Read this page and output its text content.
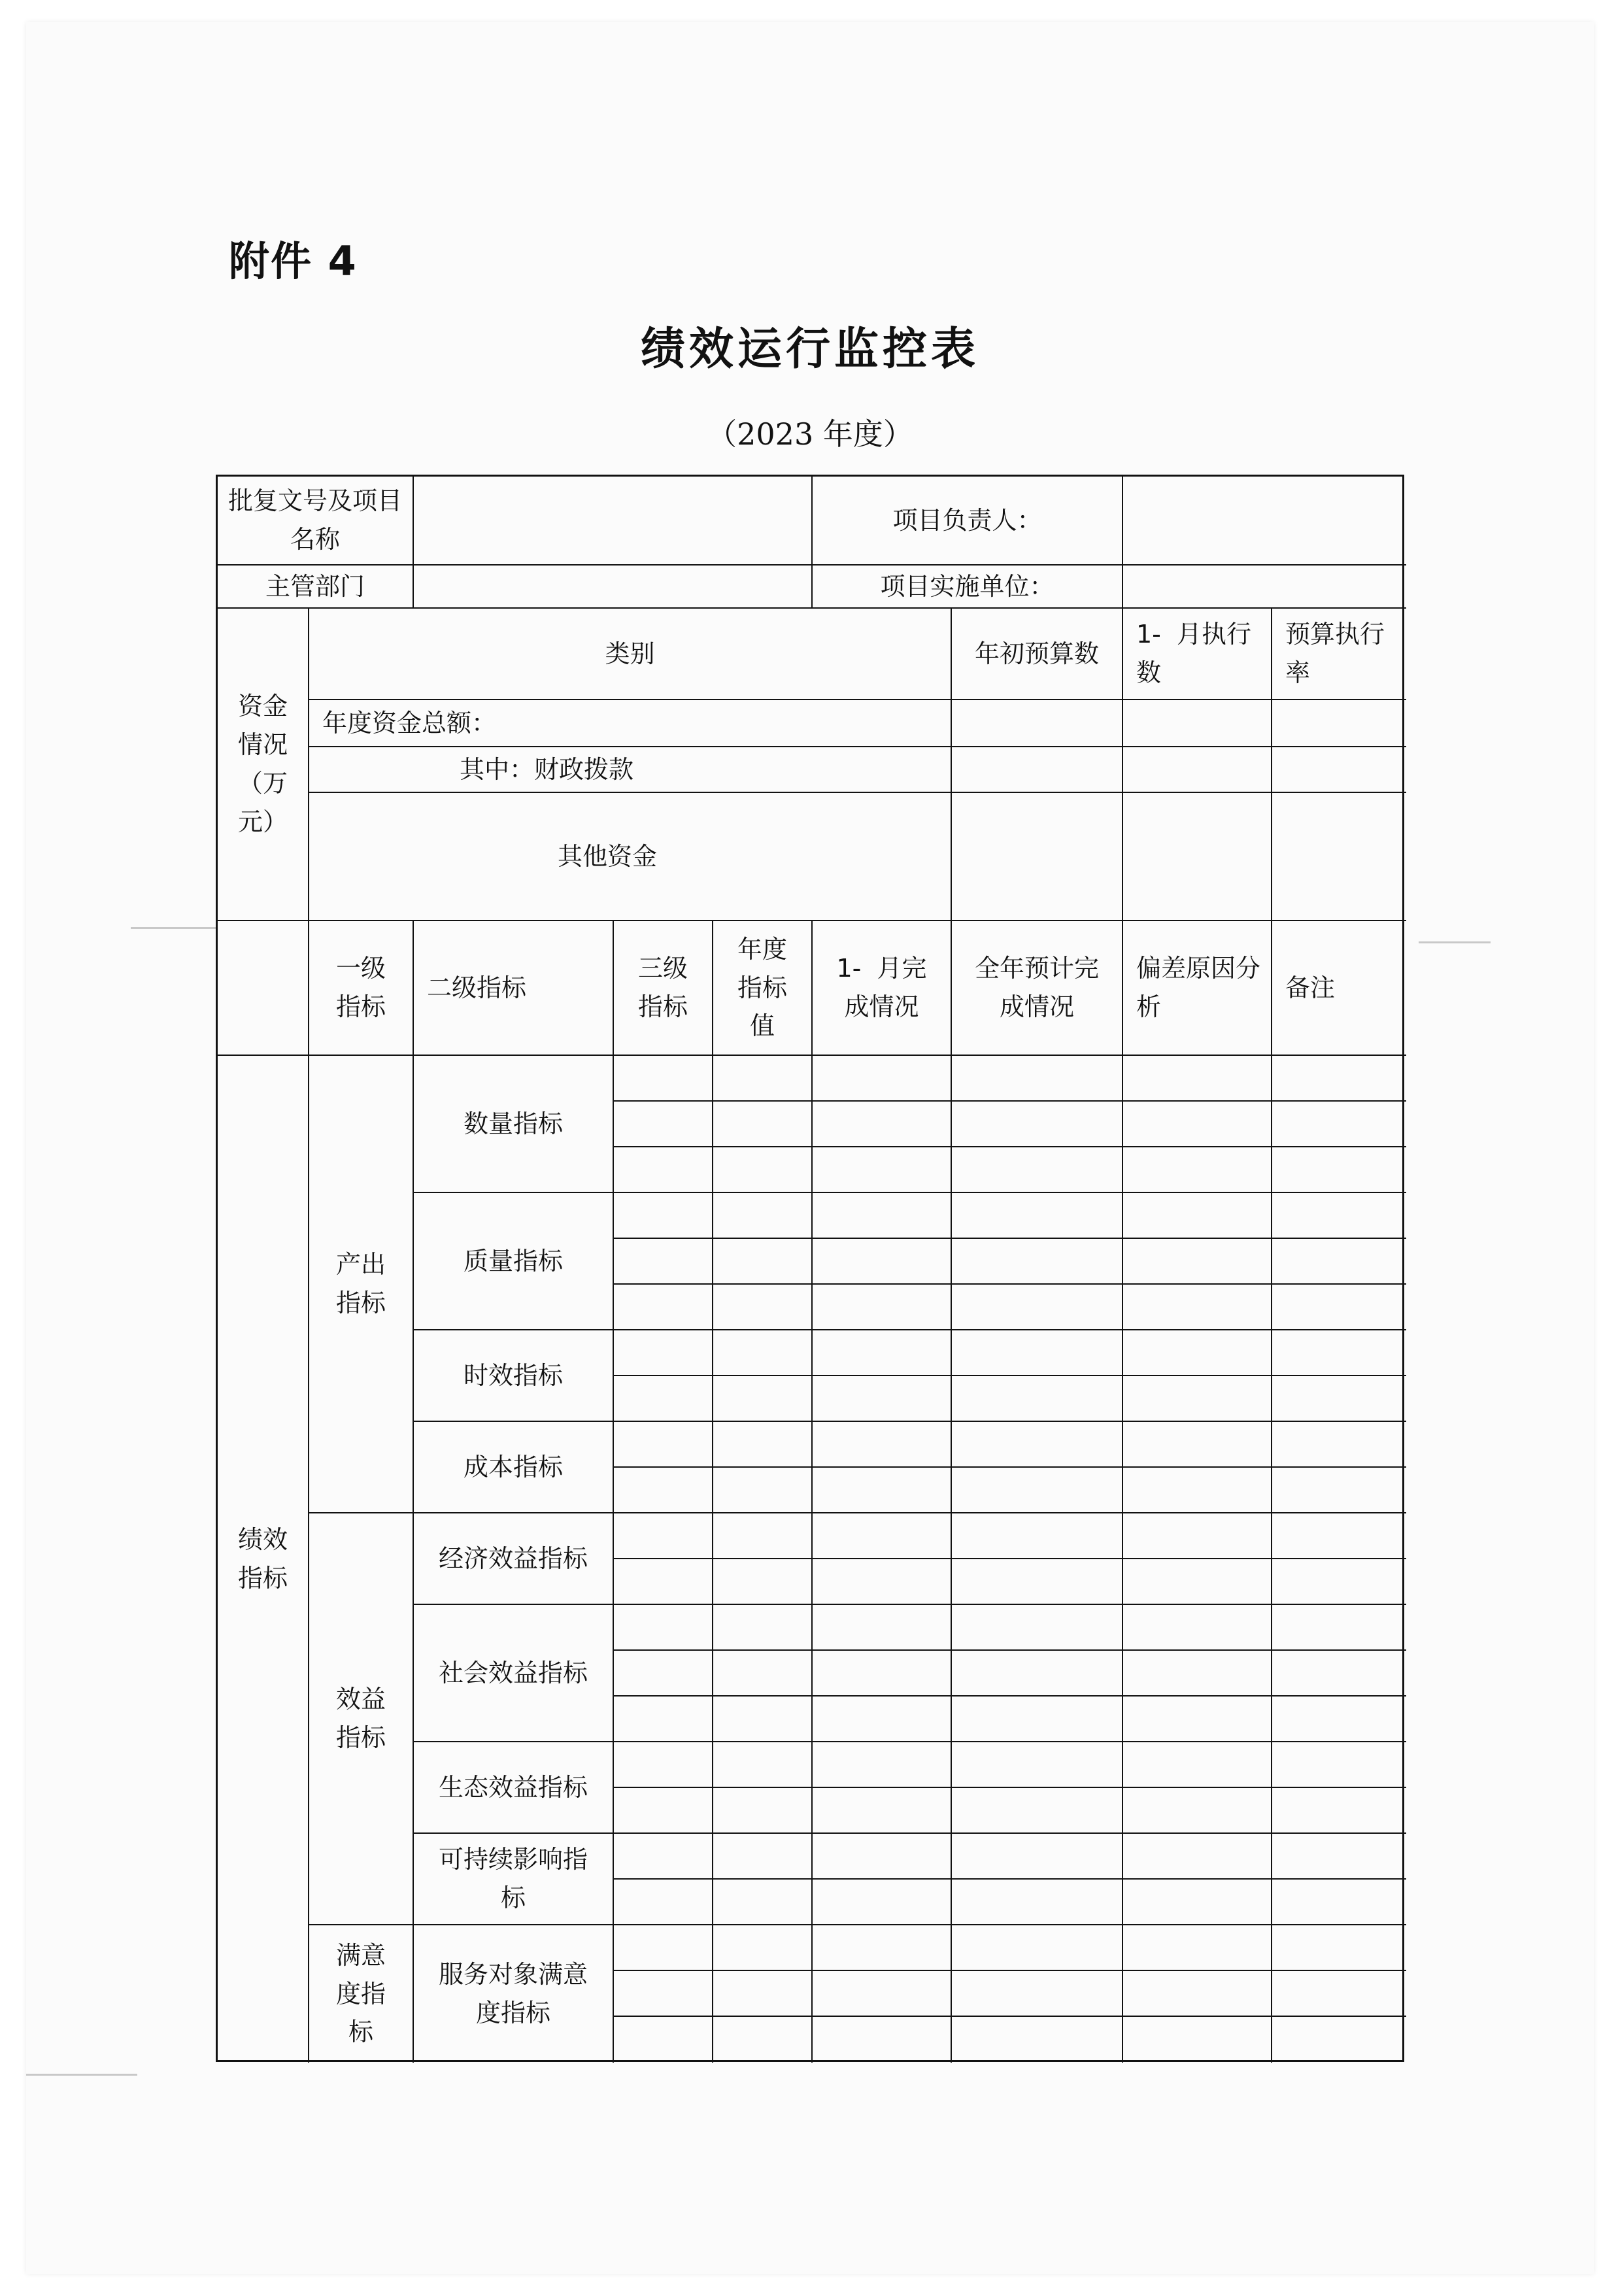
附件 4
绩效运行监控表
（2023 年度）
批复文号及项目名称
项目负责人：
主管部门	项目实施单位：
资金情况（万元）
类别	年初预算数
1-  月执行数
预算执行率
年度资金总额：
其中：财政拨款
其他资金
一级指标
二级指标
三级指标
年度指标值
1-  月完成情况
全年预计完成情况
偏差原因分析
备注
绩效指标
产出指标
数量指标
质量指标
时效指标
成本指标
效益指标
经济效益指标
社会效益指标
生态效益指标
可持续影响指标
满意度指标
服务对象满意度指标
